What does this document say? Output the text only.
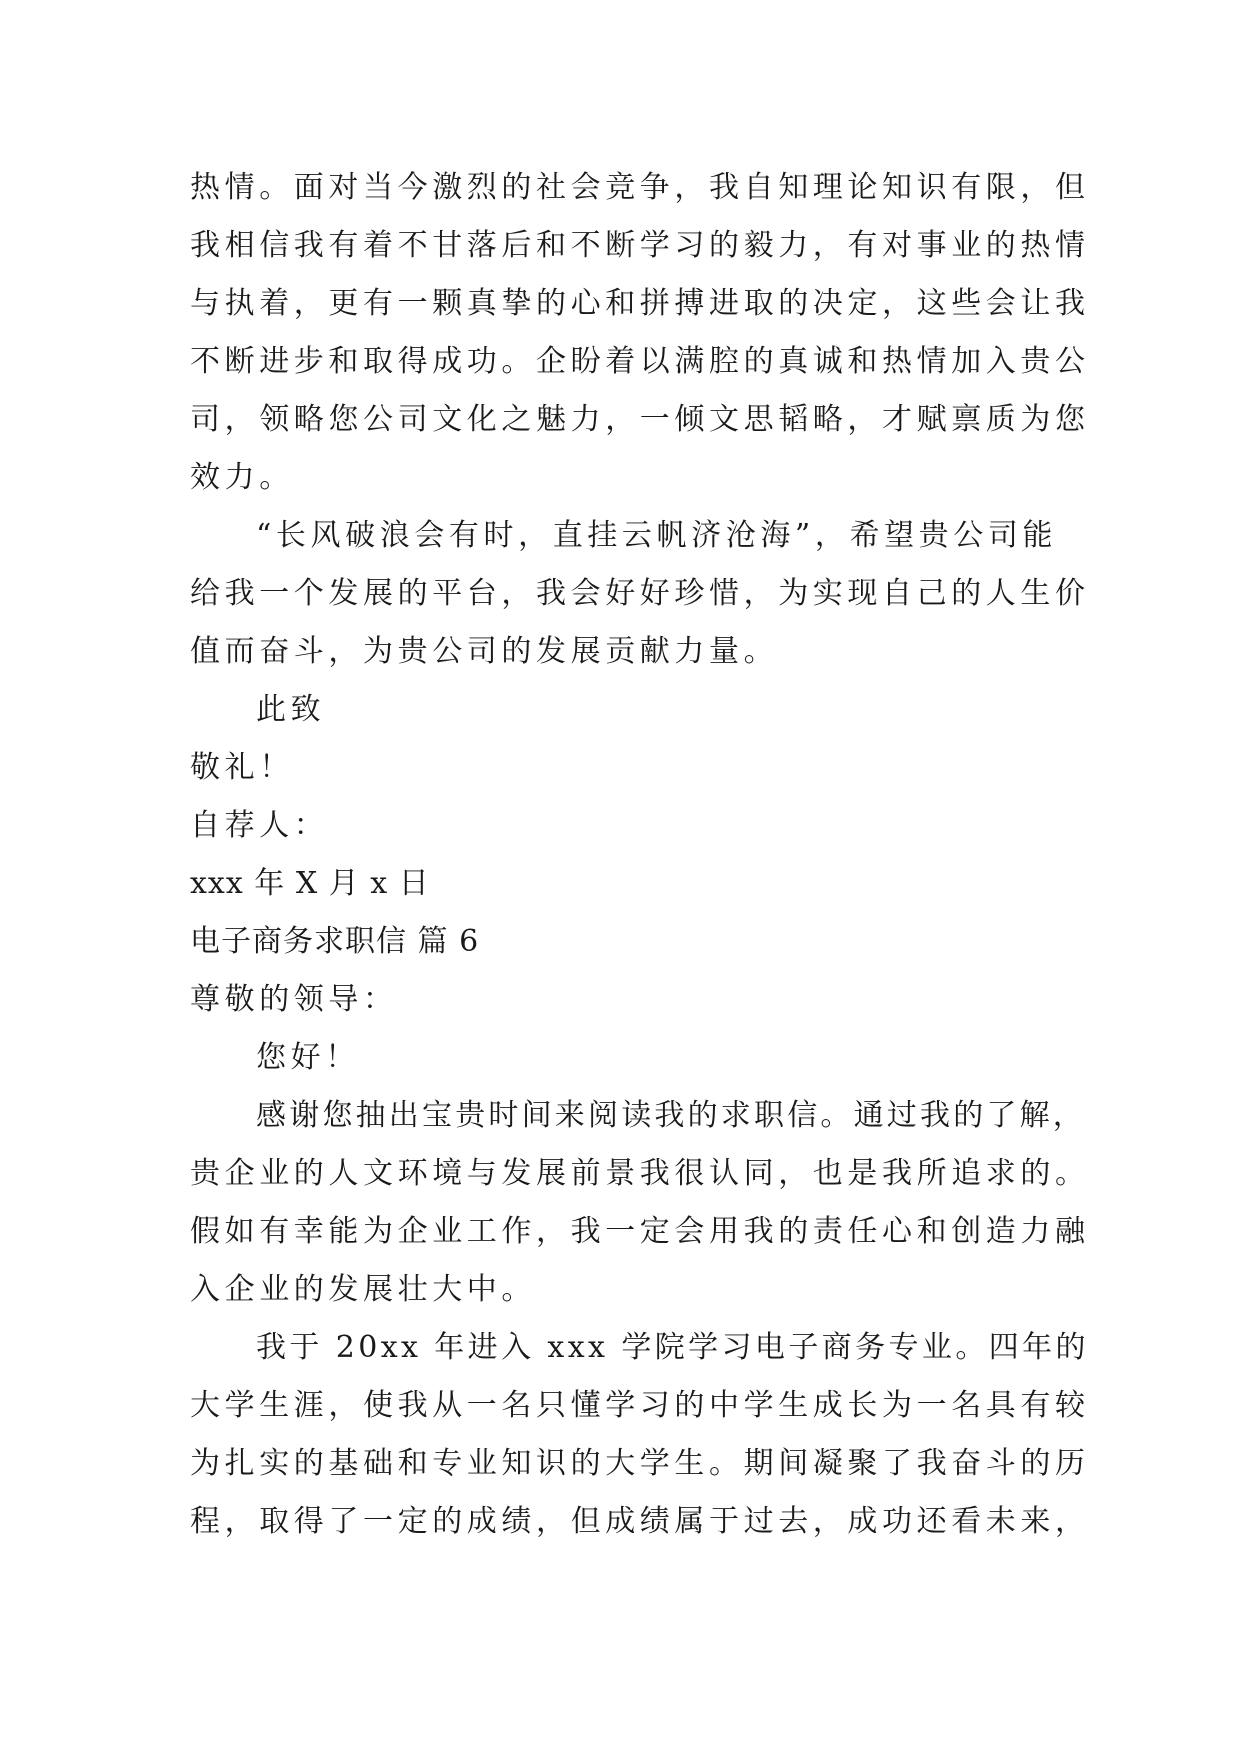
热情。面对当今激烈的社会竞争，我自知理论知识有限，但
我相信我有着不甘落后和不断学习的毅力，有对事业的热情
与执着，更有一颗真挚的心和拼搏进取的决定，这些会让我
不断进步和取得成功。企盼着以满腔的真诚和热情加入贵公
司，领略您公司文化之魅力，一倾文思韬略，才赋禀质为您
效力。
“长风破浪会有时，直挂云帆济沧海”，希望贵公司能
给我一个发展的平台，我会好好珍惜，为实现自己的人生价
值而奋斗，为贵公司的发展贡献力量。
此致
敬礼！
自荐人：
xxx 年 X 月 x 日
电子商务求职信 篇 6
尊敬的领导：
您好！
感谢您抽出宝贵时间来阅读我的求职信。通过我的了解，
贵企业的人文环境与发展前景我很认同，也是我所追求的。
假如有幸能为企业工作，我一定会用我的责任心和创造力融
入企业的发展壮大中。
我于 20xx 年进入 xxx 学院学习电子商务专业。四年的
大学生涯，使我从一名只懂学习的中学生成长为一名具有较
为扎实的基础和专业知识的大学生。期间凝聚了我奋斗的历
程，取得了一定的成绩，但成绩属于过去，成功还看未来，
